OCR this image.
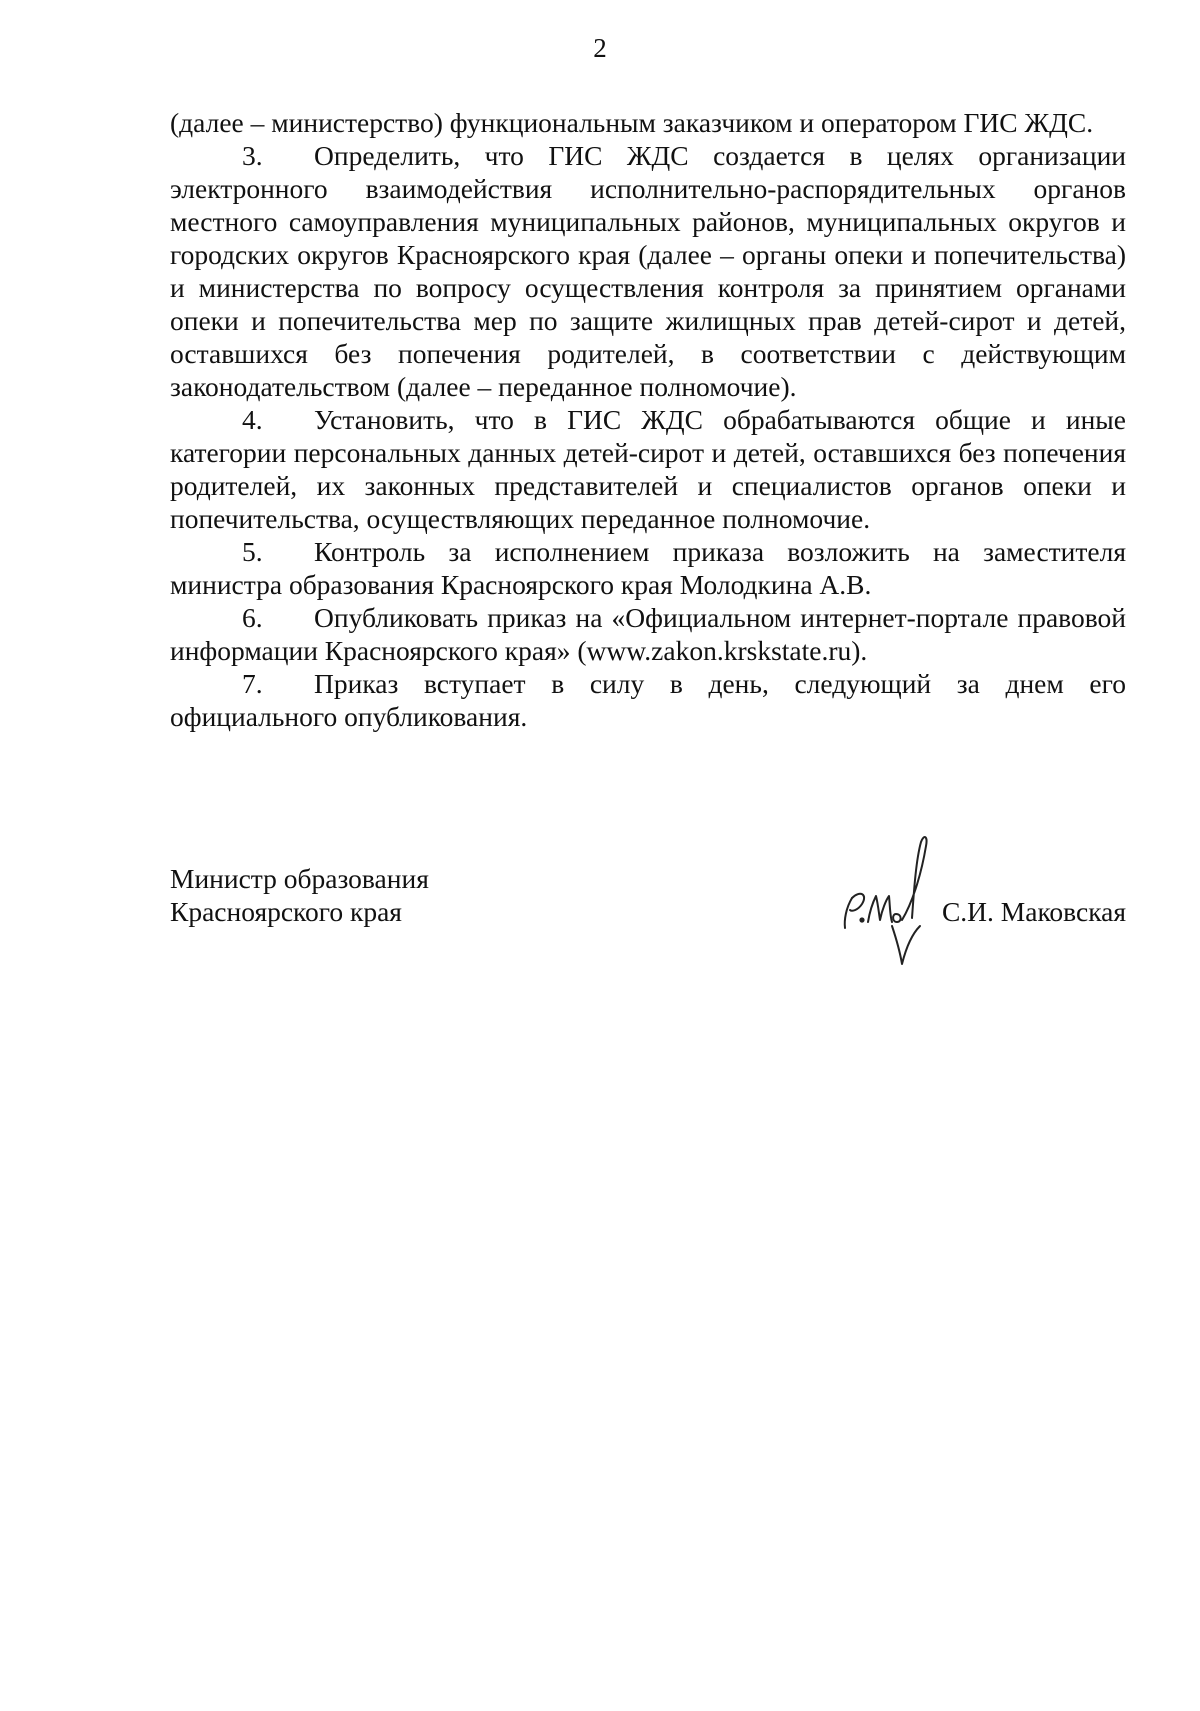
2

(далее – министерство) функциональным заказчиком и оператором ГИС ЖДС.

3. Определить, что ГИС ЖДС создается в целях организации электронного взаимодействия исполнительно-распорядительных органов местного самоуправления муниципальных районов, муниципальных округов и городских округов Красноярского края (далее – органы опеки и попечительства) и министерства по вопросу осуществления контроля за принятием органами опеки и попечительства мер по защите жилищных прав детей-сирот и детей, оставшихся без попечения родителей, в соответствии с действующим законодательством (далее – переданное полномочие).

4. Установить, что в ГИС ЖДС обрабатываются общие и иные категории персональных данных детей-сирот и детей, оставшихся без попечения родителей, их законных представителей и специалистов органов опеки и попечительства, осуществляющих переданное полномочие.

5. Контроль за исполнением приказа возложить на заместителя министра образования Красноярского края Молодкина А.В.

6. Опубликовать приказ на «Официальном интернет-портале правовой информации Красноярского края» (www.zakon.krskstate.ru).

7. Приказ вступает в силу в день, следующий за днем его официального опубликования.

Министр образования
Красноярского края	С.И. Маковская
